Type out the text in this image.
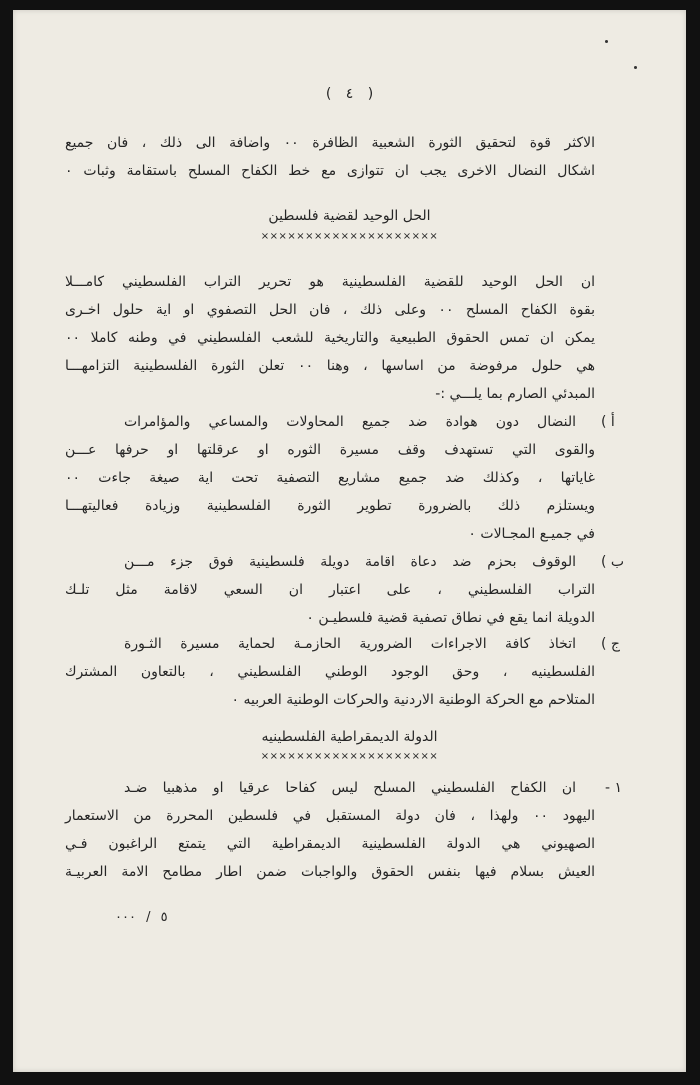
( ٤ )
الاكثر قوة لتحقيق الثورة الشعبية الظافرة ٠٠ واضافة الى ذلك ، فان جميع
اشكال النضال الاخرى يجب ان تتوازى مع خط الكفاح المسلح باستقامة وثبات ٠
الحل الوحيد لقضية فلسطين
××××××××××××××××××××
ان الحل الوحيد للقضية الفلسطينية هو تحرير التراب الفلسطيني كامـــلا
بقوة الكفاح المسلح ٠٠ وعلى ذلك ، فان الحل التصفوي او اية حلول اخـرى
يمكن ان تمس الحقوق الطبيعية والتاريخية للشعب الفلسطيني في وطنه كاملا ٠٠
هي حلول مرفوضة من اساسها ، وهنا ٠٠ تعلن الثورة الفلسطينية التزامهـــا
المبدئي الصارم بما يلـــي :-
أ )
النضال دون هوادة ضد جميع المحاولات والمساعي والمؤامرات
والقوى التي تستهدف وقف مسيرة الثوره او عرقلتها او حرفها عـــن
غاياتها ، وكذلك ضد جميع مشاريع التصفية تحت اية صيغة جاءت ٠٠
ويستلزم ذلك بالضرورة تطوير الثورة الفلسطينية وزيادة فعاليتهـــا
في جميـع المجـالات ٠
ب )
الوقوف بحزم ضد دعاة اقامة دويلة فلسطينية فوق جزء مـــن
التراب الفلسطيني ، على اعتبار ان السعي لاقامة مثل تلـك
الدويلة انما يقع في نطاق تصفية قضية فلسطيـن ٠
ج )
اتخاذ كافة الاجراءات الضرورية الحازمـة لحماية مسيرة الثـورة
الفلسطينيه ، وحق الوجود الوطني الفلسطيني ، بالتعاون المشترك
المتلاحم مع الحركة الوطنية الاردنية والحركات الوطنية العربيه ٠
الدولة الديمقراطية الفلسطينيه
××××××××××××××××××××
١ -
ان الكفاح الفلسطيني المسلح ليس كفاحا عرقيا او مذهبيا ضـد
اليهود ٠٠ ولهذا ، فان دولة المستقبل في فلسطين المحررة من الاستعمار
الصهيوني هي الدولة الفلسطينية الديمقراطية التي يتمتع الراغبون فـي
العيش بسلام فيها بنفس الحقوق والواجبات ضمن اطار مطامح الامة العربيـة
٥ / ٠٠٠
